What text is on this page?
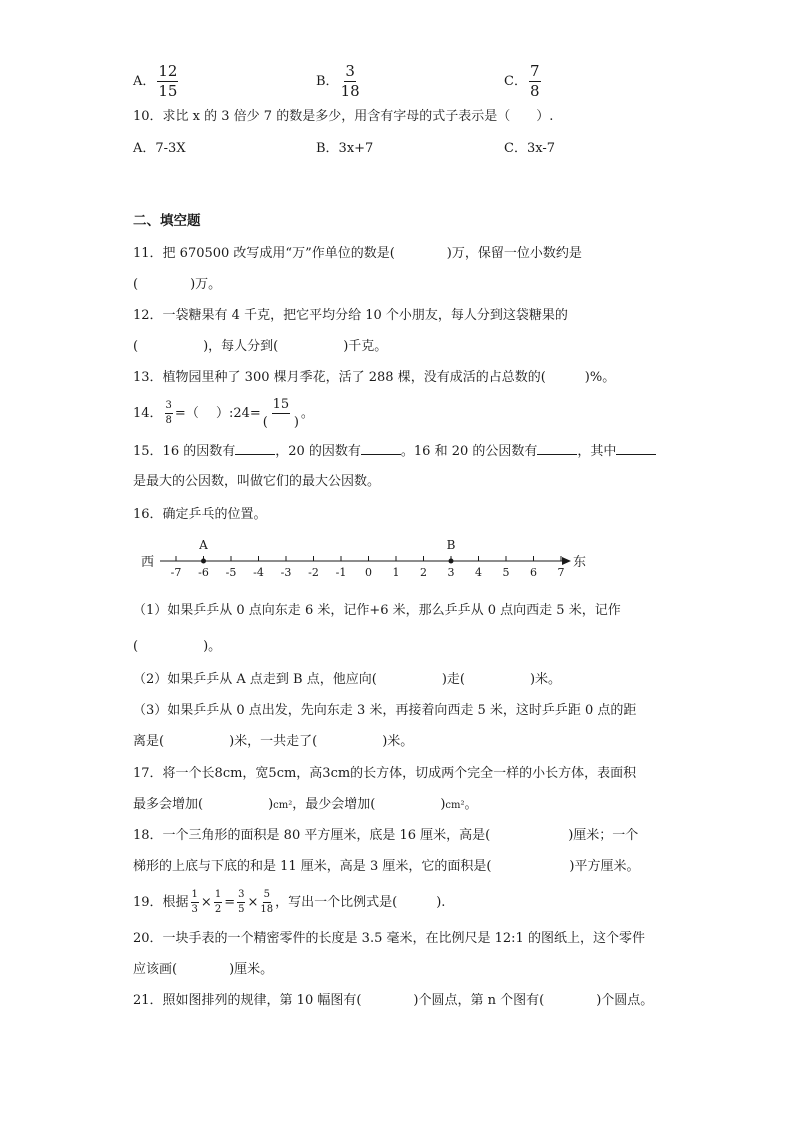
A． $\frac{12}{15}$	B． $\frac{3}{18}$	C． $\frac{7}{8}$
10．求比 x 的 3 倍少 7 的数是多少，用含有字母的式子表示是（　　）.
A．7-3X	B．3x+7	C．3x-7
二、填空题
11．把 670500 改写成用“万”作单位的数是(　　　　)万，保留一位小数约是
(　　　　)万。
12．一袋糖果有 4 千克，把它平均分给 10 个小朋友，每人分到这袋糖果的
(　　　　　)，每人分到(　　　　　)千克。
13．植物园里种了 300 棵月季花，活了 288 棵，没有成活的占总数的(　　　)%。
14． $\frac{3}{8}$ =（　 ）:24= $\frac{15}{( )}$ 。
15．16 的因数有	，20 的因数有	。16 和 20 的公因数有	，其中
是最大的公因数，叫做它们的最大公因数。
16．确定乒乓的位置。
西	东
-7 -6 -5 -4 -3 -2 -1 0 1 2 3 4 5 6 7
A	B
（1）如果乒乒从 0 点向东走 6 米，记作+6 米，那么乒乒从 0 点向西走 5 米，记作
(　　　　　)。
（2）如果乒乒从 A 点走到 B 点，他应向(　　　　　)走(　　　　　)米。
（3）如果乒乒从 0 点出发，先向东走 3 米，再接着向西走 5 米，这时乒乒距 0 点的距
离是(　　　　　)米，一共走了(　　　　　)米。
17．将一个长8cm，宽5cm，高3cm的长方体，切成两个完全一样的小长方体，表面积
最多会增加(　　　　　)cm²，最少会增加(　　　　　)cm²。
18．一个三角形的面积是 80 平方厘米，底是 16 厘米，高是(　　　　　　)厘米；一个
梯形的上底与下底的和是 11 厘米，高是 3 厘米，它的面积是(　　　　　　)平方厘米。
19．根据 $\frac{1}{3} \times \frac{1}{2} = \frac{3}{5} \times \frac{5}{18}$ ，写出一个比例式是(　　　).
20．一块手表的一个精密零件的长度是 3.5 毫米，在比例尺是 12:1 的图纸上，这个零件
应该画(　　　　)厘米。
21．照如图排列的规律，第 10 幅图有(　　　　)个圆点，第 n 个图有(　　　　)个圆点。
